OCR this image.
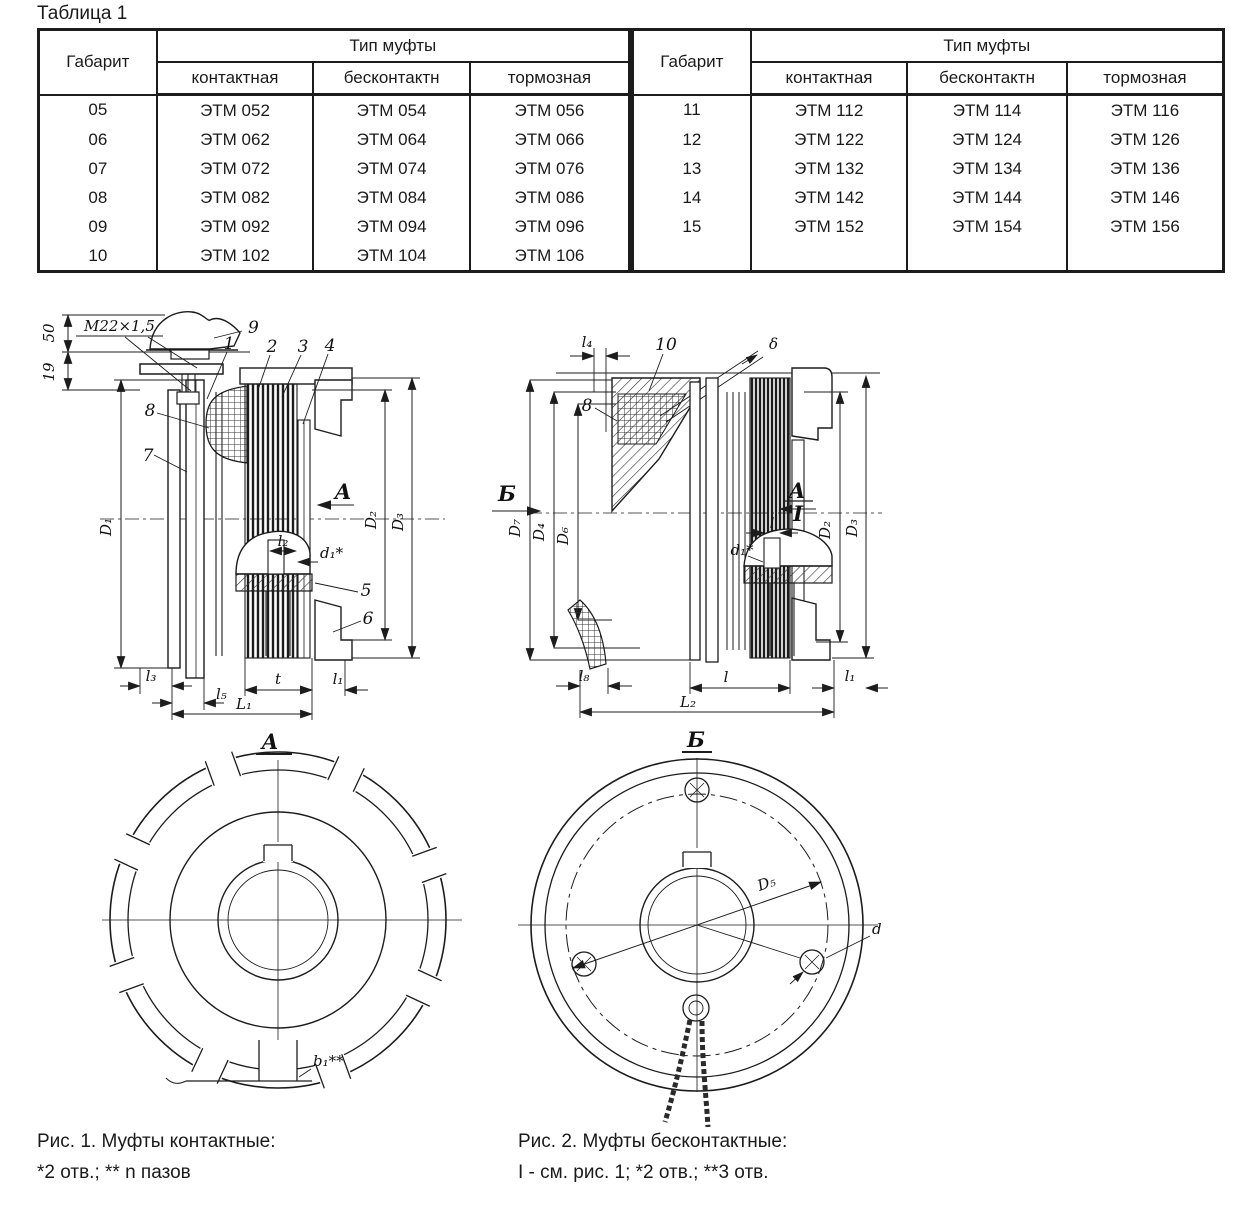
Таблица 1
Габарит	Тип муфты		
	контактная	бесконтактн	тормозная
05	ЭТМ 052	ЭТМ 054	ЭТМ 056
06	ЭТМ 062	ЭТМ 064	ЭТМ 066
07	ЭТМ 072	ЭТМ 074	ЭТМ 076
08	ЭТМ 082	ЭТМ 084	ЭТМ 086
09	ЭТМ 092	ЭТМ 094	ЭТМ 096
10	ЭТМ 102	ЭТМ 104	ЭТМ 106
Габарит	Тип муфты		
	контактная	бесконтактн	тормозная
11	ЭТМ 112	ЭТМ 114	ЭТМ 116
12	ЭТМ 122	ЭТМ 124	ЭТМ 126
13	ЭТМ 132	ЭТМ 134	ЭТМ 136
14	ЭТМ 142	ЭТМ 144	ЭТМ 146
15	ЭТМ 152	ЭТМ 154	ЭТМ 156

М22×1,5
50
19
9
1 2 3 4
8
7
5
6
D₁	D₂ D₃
l₂
d₁*
A
l₃
l₅
t	l₁
L₁
l₄	10	δ
8
Б	A
I
l
d₁*
D₇ D₄ D₆	D₂ D₃
l₈	l	l₁
L₂
A
b₁**
Б
D₅
d
Рис. 1. Муфты контактные:
*2 отв.; ** n пазов
Рис. 2. Муфты бесконтактные:
I - см. рис. 1; *2 отв.; **3 отв.
